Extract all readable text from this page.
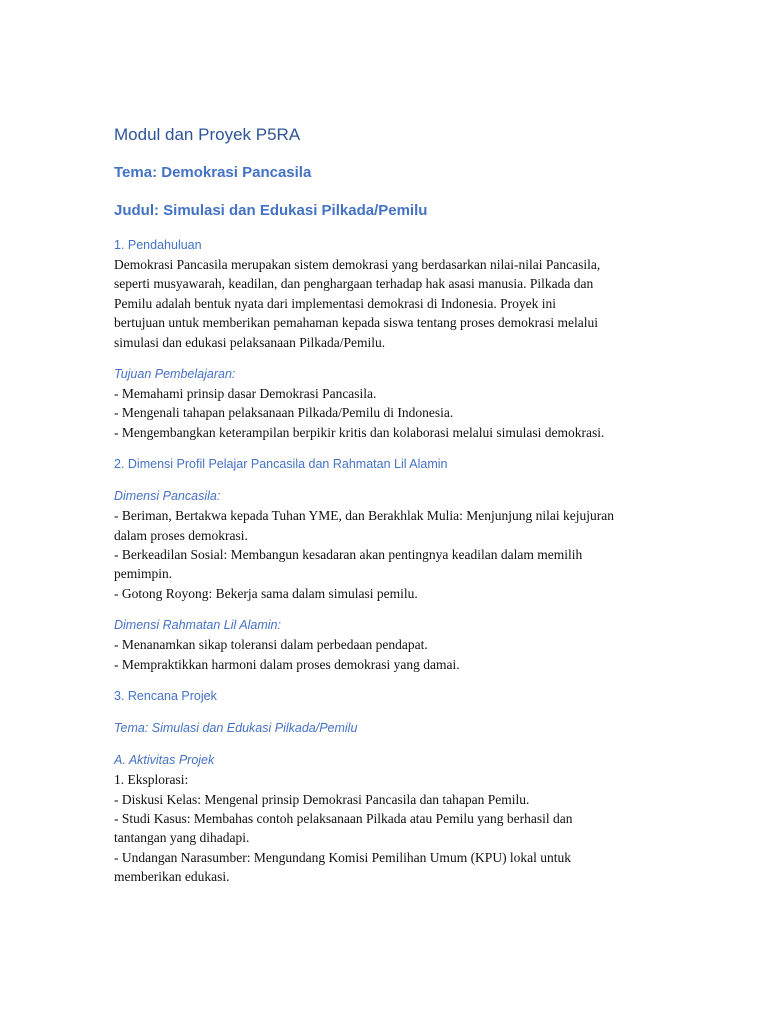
Modul dan Proyek P5RA
Tema: Demokrasi Pancasila
Judul: Simulasi dan Edukasi Pilkada/Pemilu
1. Pendahuluan
Demokrasi Pancasila merupakan sistem demokrasi yang berdasarkan nilai-nilai Pancasila,
seperti musyawarah, keadilan, dan penghargaan terhadap hak asasi manusia. Pilkada dan
Pemilu adalah bentuk nyata dari implementasi demokrasi di Indonesia. Proyek ini
bertujuan untuk memberikan pemahaman kepada siswa tentang proses demokrasi melalui
simulasi dan edukasi pelaksanaan Pilkada/Pemilu.
Tujuan Pembelajaran:
- Memahami prinsip dasar Demokrasi Pancasila.
- Mengenali tahapan pelaksanaan Pilkada/Pemilu di Indonesia.
- Mengembangkan keterampilan berpikir kritis dan kolaborasi melalui simulasi demokrasi.
2. Dimensi Profil Pelajar Pancasila dan Rahmatan Lil Alamin
Dimensi Pancasila:
- Beriman, Bertakwa kepada Tuhan YME, dan Berakhlak Mulia: Menjunjung nilai kejujuran
dalam proses demokrasi.
- Berkeadilan Sosial: Membangun kesadaran akan pentingnya keadilan dalam memilih
pemimpin.
- Gotong Royong: Bekerja sama dalam simulasi pemilu.
Dimensi Rahmatan Lil Alamin:
- Menanamkan sikap toleransi dalam perbedaan pendapat.
- Mempraktikkan harmoni dalam proses demokrasi yang damai.
3. Rencana Projek
Tema: Simulasi dan Edukasi Pilkada/Pemilu
A. Aktivitas Projek
1. Eksplorasi:
- Diskusi Kelas: Mengenal prinsip Demokrasi Pancasila dan tahapan Pemilu.
- Studi Kasus: Membahas contoh pelaksanaan Pilkada atau Pemilu yang berhasil dan
tantangan yang dihadapi.
- Undangan Narasumber: Mengundang Komisi Pemilihan Umum (KPU) lokal untuk
memberikan edukasi.
